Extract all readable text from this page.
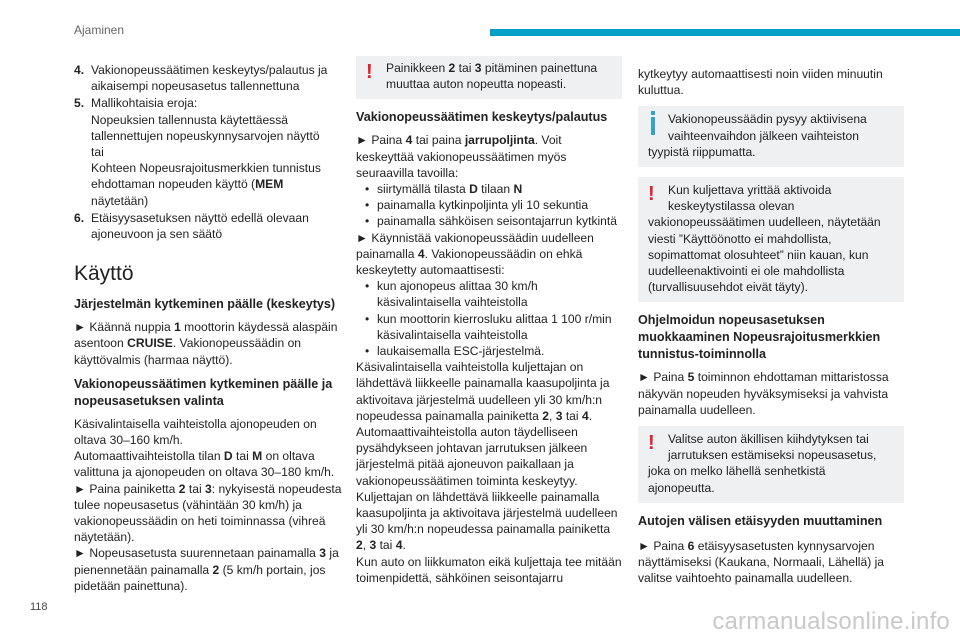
Ajaminen
4. Vakionopeussäätimen keskeytys/palautus ja aikaisempi nopeusasetus tallennettuna
5. Mallikohtaisia eroja:
Nopeuksien tallennusta käytettäessä tallennettujen nopeuskynnysarvojen näyttö
tai
Kohteen Nopeusrajoitusmerkkien tunnistus ehdottaman nopeuden käyttö (MEM
näytetään)
6. Etäisyysasetuksen näyttö edellä olevaan ajoneuvoon ja sen säätö
Käyttö
Järjestelmän kytkeminen päälle (keskeytys)

► Käännä nuppia 1 moottorin käydessä alaspäin asentoon CRUISE. Vakionopeussäädin on käyttövalmis (harmaa näyttö).

Vakionopeussäätimen kytkeminen päälle ja nopeusasetuksen valinta

Käsivalintaisella vaihteistolla ajonopeuden on oltava 30–160 km/h.

Automaattivaihteistolla tilan D tai M on oltava valittuna ja ajonopeuden on oltava 30–180 km/h.

► Paina painiketta 2 tai 3: nykyisestä nopeudesta tulee nopeusasetus (vähintään 30 km/h) ja vakionopeussäädin on heti toiminnassa (vihreä näytetään).

► Nopeusasetusta suurennetaan painamalla 3 ja pienennetään painamalla 2 (5 km/h portain, jos pidetään painettuna).

!	Painikkeen 2 tai 3 pitäminen painettuna muuttaa auton nopeutta nopeasti.
Vakionopeussäätimen keskeytys/palautus

► Paina 4 tai paina jarrupoljinta. Voit keskeyttää vakionopeussäätimen myös seuraavilla tavoilla:

• siirtymällä tilasta D tilaan N
• painamalla kytkinpoljinta yli 10 sekuntia
• painamalla sähköisen seisontajarrun kytkintä

► Käynnistää vakionopeussäädin uudelleen painamalla 4. Vakionopeussäädin on ehkä keskeytetty automaattisesti:

• kun ajonopeus alittaa 30 km/h käsivalintaisella vaihteistolla
• kun moottorin kierrosluku alittaa 1 100 r/min käsivalintaisella vaihteistolla
• laukaisemalla ESC-järjestelmä.

Käsivalintaisella vaihteistolla kuljettajan on lähdettävä liikkeelle painamalla kaasupoljinta ja aktivoitava järjestelmä uudelleen yli 30 km/h:n nopeudessa painamalla painiketta 2, 3 tai 4.

Automaattivaihteistolla auton täydelliseen pysähdykseen johtavan jarrutuksen jälkeen järjestelmä pitää ajoneuvon paikallaan ja vakionopeussäätimen toiminta keskeytyy. Kuljettajan on lähdettävä liikkeelle painamalla kaasupoljinta ja aktivoitava järjestelmä uudelleen yli 30 km/h:n nopeudessa painamalla painiketta 2, 3 tai 4.

Kun auto on liikkumaton eikä kuljettaja tee mitään toimenpidettä, sähköinen seisontajarru

kytkeytyy automaattisesti noin viiden minuutin kuluttua.

Vakionopeussäädin pysyy aktiivisena vaihteenvaihdon jälkeen vaihteiston tyypistä riippumatta.
!	Kun kuljettava yrittää aktivoida keskeytystilassa olevan vakionopeussäätimen uudelleen, näytetään viesti ”Käyttöönotto ei mahdollista, sopimattomat olosuhteet” niin kauan, kun uudelleenaktivointi ei ole mahdollista (turvallisuusehdot eivät täyty).
Ohjelmoidun nopeusasetuksen muokkaaminen Nopeusrajoitusmerkkien tunnistus-toiminnolla

► Paina 5 toiminnon ehdottaman mittaristossa näkyvän nopeuden hyväksymiseksi ja vahvista painamalla uudelleen.

!	Valitse auton äkillisen kiihdytyksen tai jarrutuksen estämiseksi nopeusasetus, joka on melko lähellä senhetkistä ajonopeutta.
Autojen välisen etäisyyden muuttaminen

► Paina 6 etäisyysasetusten kynnysarvojen näyttämiseksi (Kaukana, Normaali, Lähellä) ja valitse vaihtoehto painamalla uudelleen.

118
carmanualsonline.info
